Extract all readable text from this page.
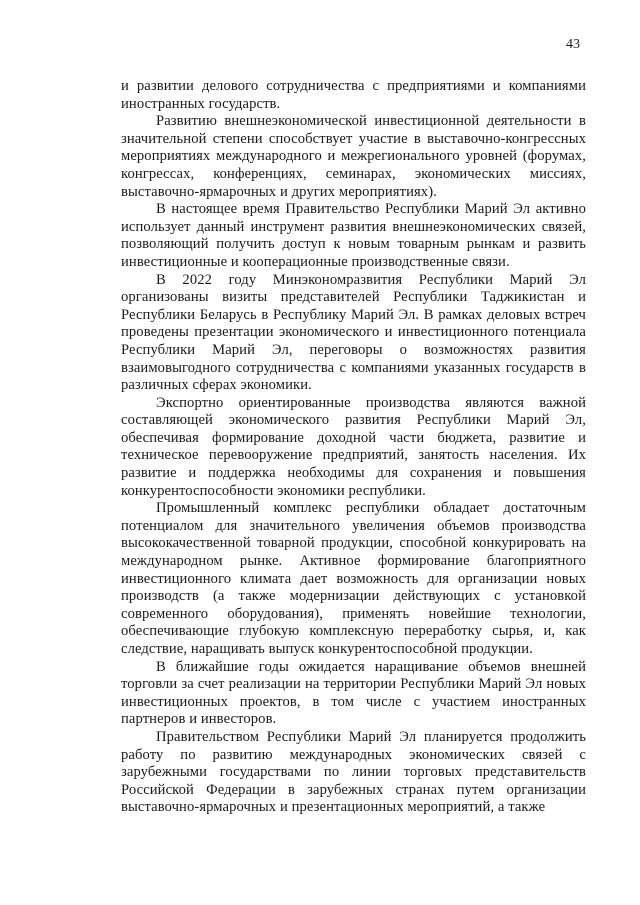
43

и развитии делового сотрудничества с предприятиями и компаниями иностранных государств.

Развитию внешнеэкономической инвестиционной деятельности в значительной степени способствует участие в выставочно-конгрессных мероприятиях международного и межрегионального уровней (форумах, конгрессах, конференциях, семинарах, экономических миссиях, выставочно-ярмарочных и других мероприятиях).

В настоящее время Правительство Республики Марий Эл активно использует данный инструмент развития внешнеэкономических связей, позволяющий получить доступ к новым товарным рынкам и развить инвестиционные и кооперационные производственные связи.

В 2022 году Минэкономразвития Республики Марий Эл организованы визиты представителей Республики Таджикистан и Республики Беларусь в Республику Марий Эл. В рамках деловых встреч проведены презентации экономического и инвестиционного потенциала Республики Марий Эл, переговоры о возможностях развития взаимовыгодного сотрудничества с компаниями указанных государств в различных сферах экономики.

Экспортно ориентированные производства являются важной составляющей экономического развития Республики Марий Эл, обеспечивая формирование доходной части бюджета, развитие и техническое перевооружение предприятий, занятость населения. Их развитие и поддержка необходимы для сохранения и повышения конкурентоспособности экономики республики.

Промышленный комплекс республики обладает достаточным потенциалом для значительного увеличения объемов производства высококачественной товарной продукции, способной конкурировать на международном рынке. Активное формирование благоприятного инвестиционного климата дает возможность для организации новых производств (а также модернизации действующих с установкой современного оборудования), применять новейшие технологии, обеспечивающие глубокую комплексную переработку сырья, и, как следствие, наращивать выпуск конкурентоспособной продукции.

В ближайшие годы ожидается наращивание объемов внешней торговли за счет реализации на территории Республики Марий Эл новых инвестиционных проектов, в том числе с участием иностранных партнеров и инвесторов.

Правительством Республики Марий Эл планируется продолжить работу по развитию международных экономических связей с зарубежными государствами по линии торговых представительств Российской Федерации в зарубежных странах путем организации выставочно-ярмарочных и презентационных мероприятий, а также
